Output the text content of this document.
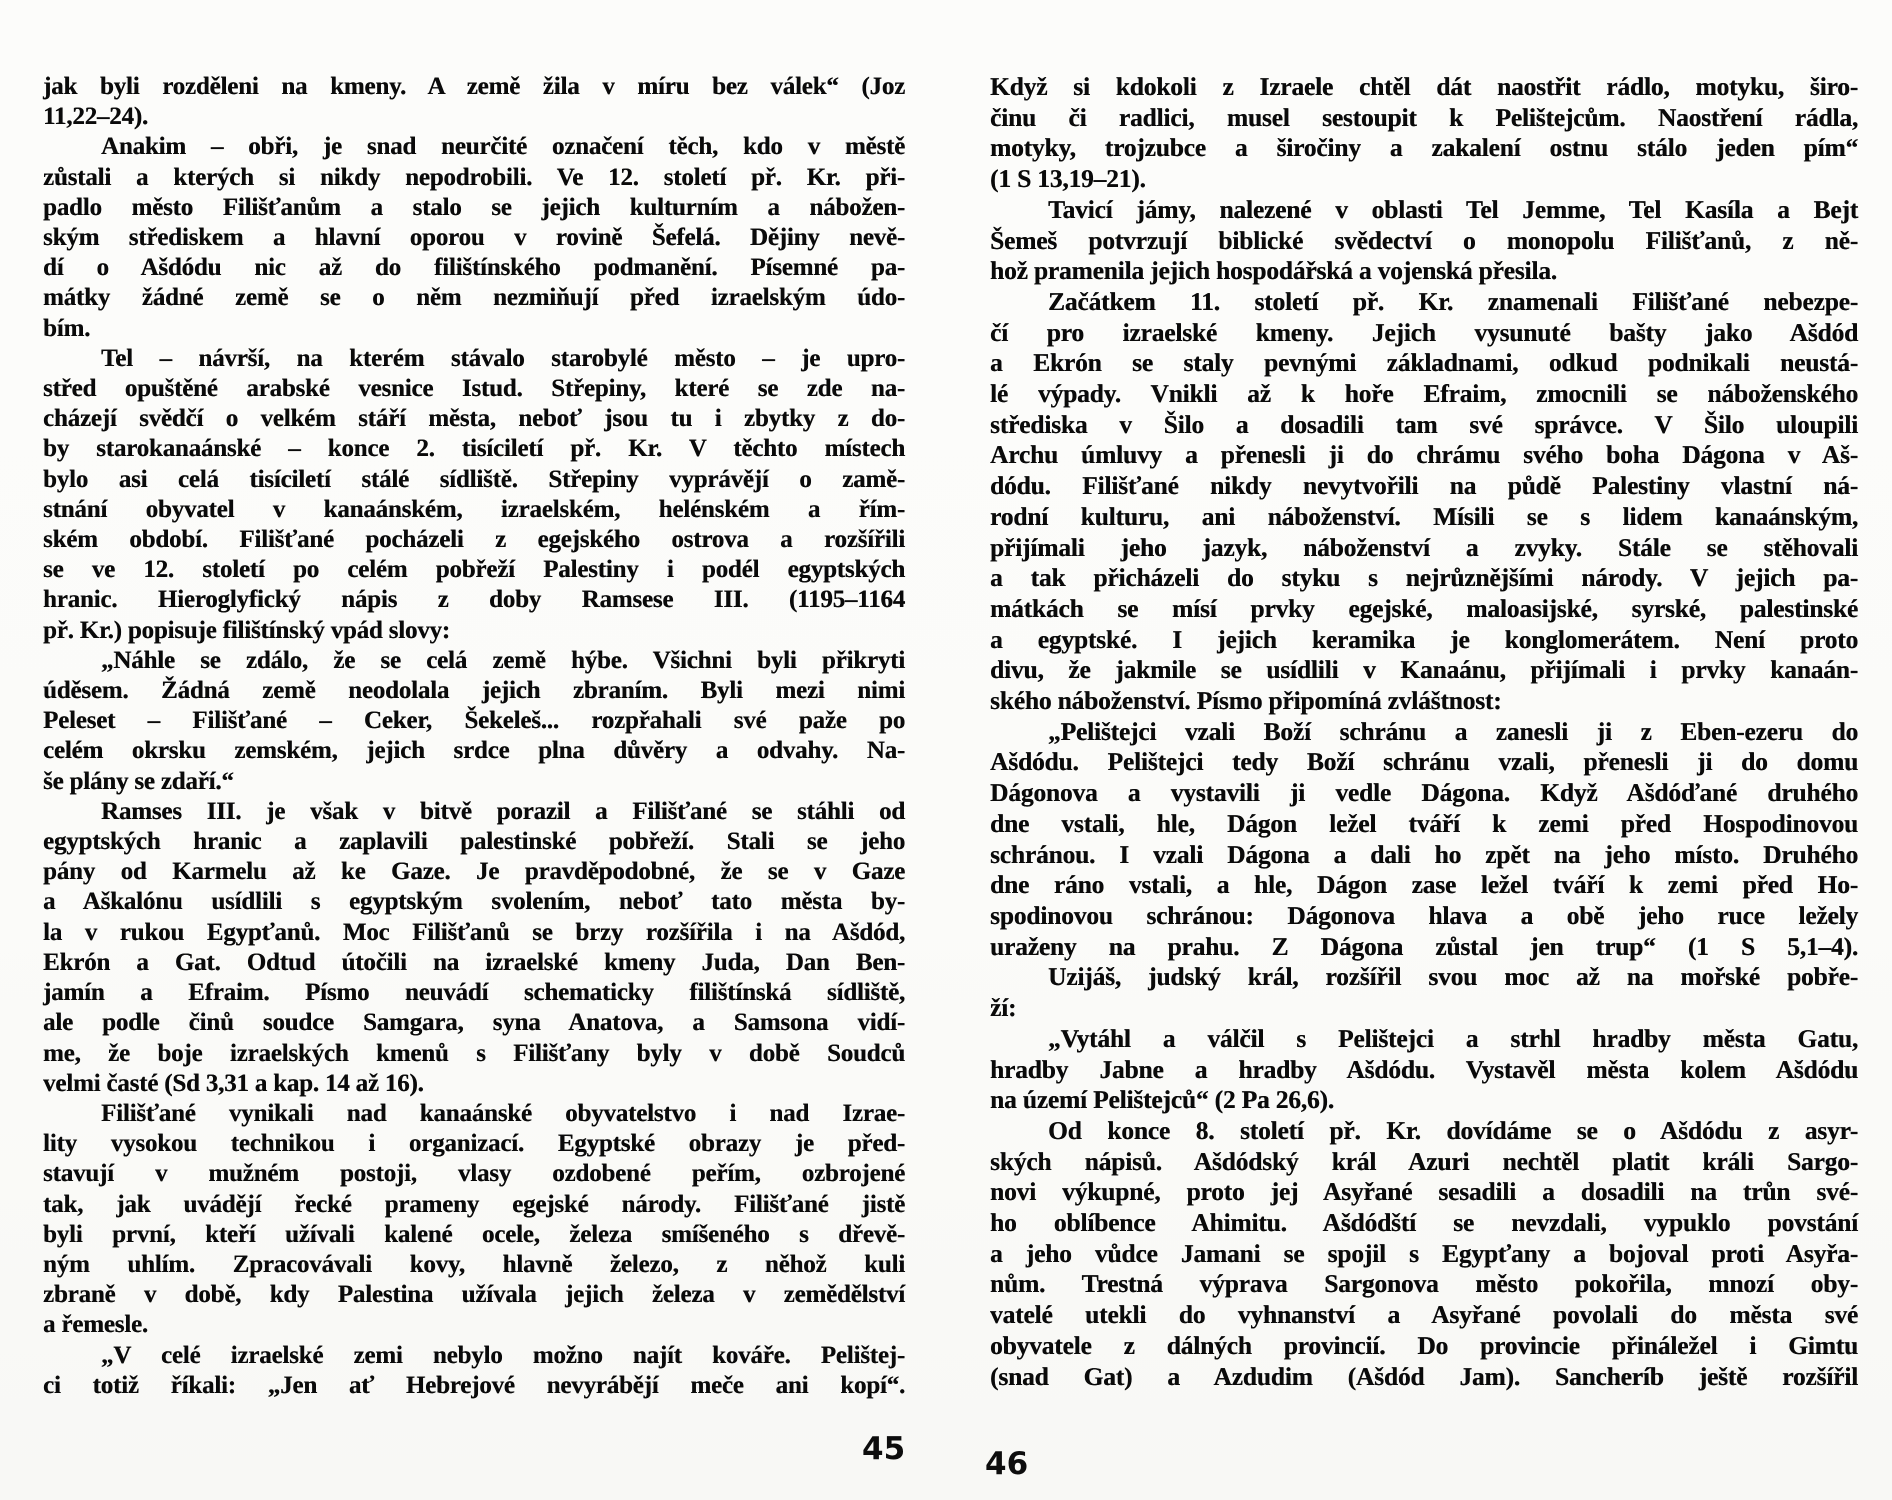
jak byli rozděleni na kmeny. A země žila v míru bez válek“ (Joz
11,22–24).
Anakim – obři, je snad neurčité označení těch, kdo v městě
zůstali a kterých si nikdy nepodrobili. Ve 12. století př. Kr. při-
padlo město Filišťanům a stalo se jejich kulturním a nábožen-
ským střediskem a hlavní oporou v rovině Šefelá. Dějiny nevě-
dí o Ašdódu nic až do filištínského podmanění. Písemné pa-
mátky žádné země se o něm nezmiňují před izraelským údo-
bím.
Tel – návrší, na kterém stávalo starobylé město – je upro-
střed opuštěné arabské vesnice Istud. Střepiny, které se zde na-
cházejí svědčí o velkém stáří města, neboť jsou tu i zbytky z do-
by starokanaánské – konce 2. tisíciletí př. Kr. V těchto místech
bylo asi celá tisíciletí stálé sídliště. Střepiny vyprávějí o zamě-
stnání obyvatel v kanaánském, izraelském, helénském a řím-
ském období. Filišťané pocházeli z egejského ostrova a rozšířili
se ve 12. století po celém pobřeží Palestiny i podél egyptských
hranic. Hieroglyfický nápis z doby Ramsese III. (1195–1164
př. Kr.) popisuje filištínský vpád slovy:
„Náhle se zdálo, že se celá země hýbe. Všichni byli přikryti
úděsem. Žádná země neodolala jejich zbraním. Byli mezi nimi
Peleset – Filišťané – Ceker, Šekeleš... rozpřahali své paže po
celém okrsku zemském, jejich srdce plna důvěry a odvahy. Na-
še plány se zdaří.“
Ramses III. je však v bitvě porazil a Filišťané se stáhli od
egyptských hranic a zaplavili palestinské pobřeží. Stali se jeho
pány od Karmelu až ke Gaze. Je pravděpodobné, že se v Gaze
a Aškalónu usídlili s egyptským svolením, neboť tato města by-
la v rukou Egypťanů. Moc Filišťanů se brzy rozšířila i na Ašdód,
Ekrón a Gat. Odtud útočili na izraelské kmeny Juda, Dan Ben-
jamín a Efraim. Písmo neuvádí schematicky filištínská sídliště,
ale podle činů soudce Samgara, syna Anatova, a Samsona vidí-
me, že boje izraelských kmenů s Filišťany byly v době Soudců
velmi časté (Sd 3,31 a kap. 14 až 16).
Filišťané vynikali nad kanaánské obyvatelstvo i nad Izrae-
lity vysokou technikou i organizací. Egyptské obrazy je před-
stavují v mužném postoji, vlasy ozdobené peřím, ozbrojené
tak, jak uvádějí řecké prameny egejské národy. Filišťané jistě
byli první, kteří užívali kalené ocele, železa smíšeného s dřevě-
ným uhlím. Zpracovávali kovy, hlavně železo, z něhož kuli
zbraně v době, kdy Palestina užívala jejich železa v zemědělství
a řemesle.
„V celé izraelské zemi nebylo možno najít kováře. Pelištej-
ci totiž říkali: „Jen ať Hebrejové nevyrábějí meče ani kopí“.
Když si kdokoli z Izraele chtěl dát naostřit rádlo, motyku, širo-
činu či radlici, musel sestoupit k Pelištejcům. Naostření rádla,
motyky, trojzubce a širočiny a zakalení ostnu stálo jeden pím“
(1 S 13,19–21).
Tavicí jámy, nalezené v oblasti Tel Jemme, Tel Kasíla a Bejt
Šemeš potvrzují biblické svědectví o monopolu Filišťanů, z ně-
hož pramenila jejich hospodářská a vojenská přesila.
Začátkem 11. století př. Kr. znamenali Filišťané nebezpe-
čí pro izraelské kmeny. Jejich vysunuté bašty jako Ašdód
a Ekrón se staly pevnými základnami, odkud podnikali neustá-
lé výpady. Vnikli až k hoře Efraim, zmocnili se náboženského
střediska v Šilo a dosadili tam své správce. V Šilo uloupili
Archu úmluvy a přenesli ji do chrámu svého boha Dágona v Aš-
dódu. Filišťané nikdy nevytvořili na půdě Palestiny vlastní ná-
rodní kulturu, ani náboženství. Mísili se s lidem kanaánským,
přijímali jeho jazyk, náboženství a zvyky. Stále se stěhovali
a tak přicházeli do styku s nejrůznějšími národy. V jejich pa-
mátkách se mísí prvky egejské, maloasijské, syrské, palestinské
a egyptské. I jejich keramika je konglomerátem. Není proto
divu, že jakmile se usídlili v Kanaánu, přijímali i prvky kanaán-
ského náboženství. Písmo připomíná zvláštnost:
„Pelištejci vzali Boží schránu a zanesli ji z Eben-ezeru do
Ašdódu. Pelištejci tedy Boží schránu vzali, přenesli ji do domu
Dágonova a vystavili ji vedle Dágona. Když Ašdóďané druhého
dne vstali, hle, Dágon ležel tváří k zemi před Hospodinovou
schránou. I vzali Dágona a dali ho zpět na jeho místo. Druhého
dne ráno vstali, a hle, Dágon zase ležel tváří k zemi před Ho-
spodinovou schránou: Dágonova hlava a obě jeho ruce ležely
uraženy na prahu. Z Dágona zůstal jen trup“ (1 S 5,1–4).
Uzijáš, judský král, rozšířil svou moc až na mořské pobře-
ží:
„Vytáhl a válčil s Pelištejci a strhl hradby města Gatu,
hradby Jabne a hradby Ašdódu. Vystavěl města kolem Ašdódu
na území Pelištejců“ (2 Pa 26,6).
Od konce 8. století př. Kr. dovídáme se o Ašdódu z asyr-
ských nápisů. Ašdódský král Azuri nechtěl platit králi Sargo-
novi výkupné, proto jej Asyřané sesadili a dosadili na trůn své-
ho oblíbence Ahimitu. Ašdódští se nevzdali, vypuklo povstání
a jeho vůdce Jamani se spojil s Egypťany a bojoval proti Asyřa-
nům. Trestná výprava Sargonova město pokořila, mnozí oby-
vatelé utekli do vyhnanství a Asyřané povolali do města své
obyvatele z dálných provincií. Do provincie přináležel i Gimtu
(snad Gat) a Azdudim (Ašdód Jam). Sancheríb ještě rozšířil
45	46
